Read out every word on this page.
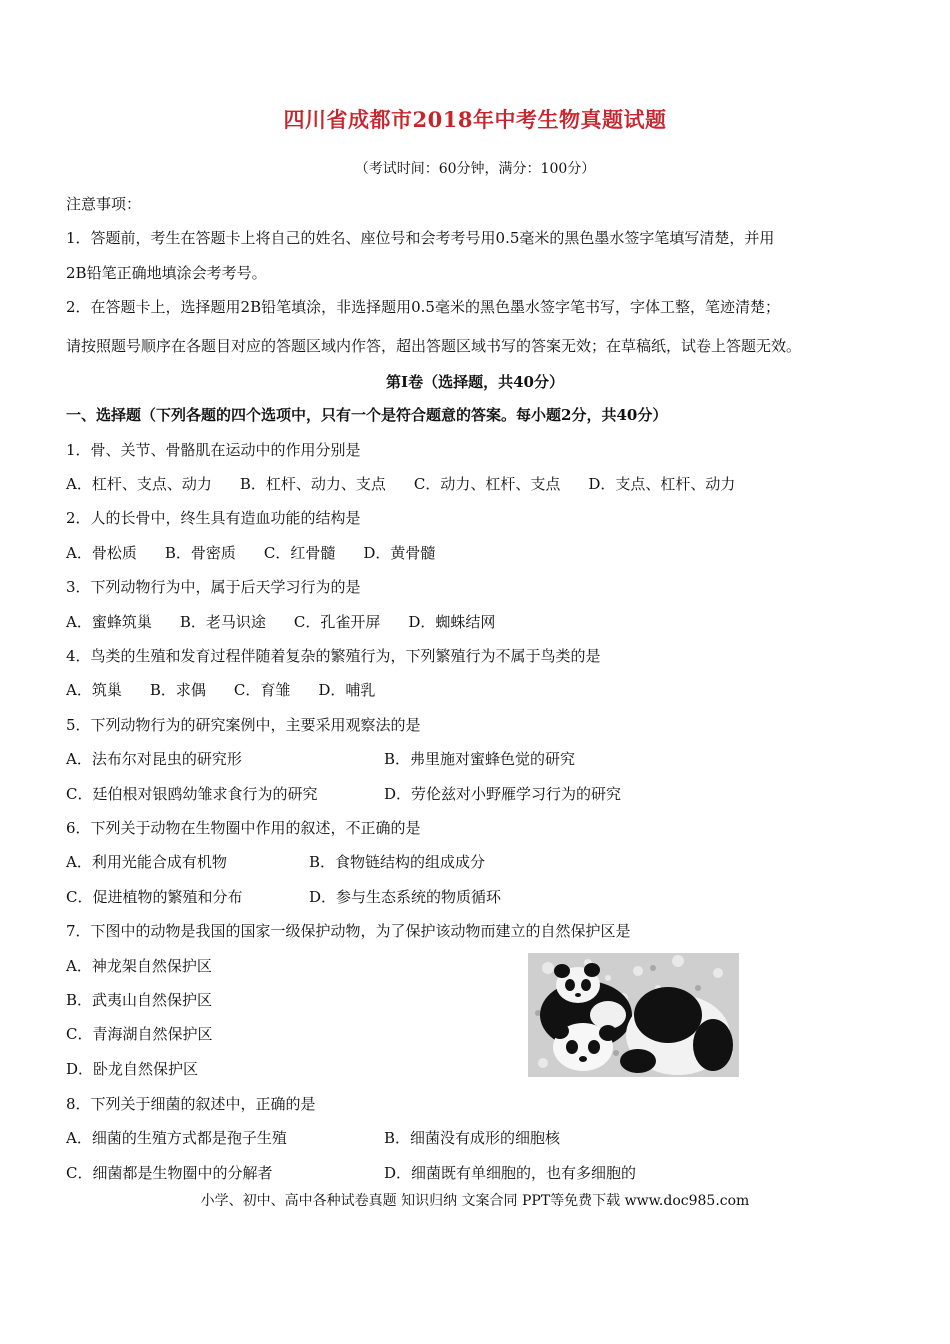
四川省成都市2018年中考生物真题试题
（考试时间：60分钟，满分：100分）
注意事项：
1．答题前，考生在答题卡上将自己的姓名、座位号和会考考号用0.5毫米的黑色墨水签字笔填写清楚，并用
2B铅笔正确地填涂会考考号。
2．在答题卡上，选择题用2B铅笔填涂，非选择题用0.5毫米的黑色墨水签字笔书写，字体工整，笔迹清楚；
请按照题号顺序在各题目对应的答题区域内作答，超出答题区域书写的答案无效；在草稿纸，试卷上答题无效。
第Ⅰ卷（选择题，共40分）
一、选择题（下列各题的四个选项中，只有一个是符合题意的答案。每小题2分，共40分）
1．骨、关节、骨骼肌在运动中的作用分别是
A．杠杆、支点、动力 B．杠杆、动力、支点 C．动力、杠杆、支点 D．支点、杠杆、动力
2．人的长骨中，终生具有造血功能的结构是
A．骨松质 B．骨密质 C．红骨髓 D．黄骨髓
3．下列动物行为中，属于后天学习行为的是
A．蜜蜂筑巢 B．老马识途 C．孔雀开屏 D．蜘蛛结网
4．鸟类的生殖和发育过程伴随着复杂的繁殖行为，下列繁殖行为不属于鸟类的是
A．筑巢 B．求偶 C．育雏 D．哺乳
5．下列动物行为的研究案例中，主要采用观察法的是
A．法布尔对昆虫的研究形	B．弗里施对蜜蜂色觉的研究
C．廷伯根对银鸥幼雏求食行为的研究	D．劳伦兹对小野雁学习行为的研究
6．下列关于动物在生物圈中作用的叙述，不正确的是
A．利用光能合成有机物	B．食物链结构的组成成分
C．促进植物的繁殖和分布	D．参与生态系统的物质循环
7．下图中的动物是我国的国家一级保护动物，为了保护该动物而建立的自然保护区是
A．神龙架自然保护区
B．武夷山自然保护区
C．青海湖自然保护区
D．卧龙自然保护区
8．下列关于细菌的叙述中，正确的是
A．细菌的生殖方式都是孢子生殖	B．细菌没有成形的细胞核
C．细菌都是生物圈中的分解者	D．细菌既有单细胞的，也有多细胞的
小学、初中、高中各种试卷真题 知识归纳 文案合同 PPT等免费下载 www.doc985.com
